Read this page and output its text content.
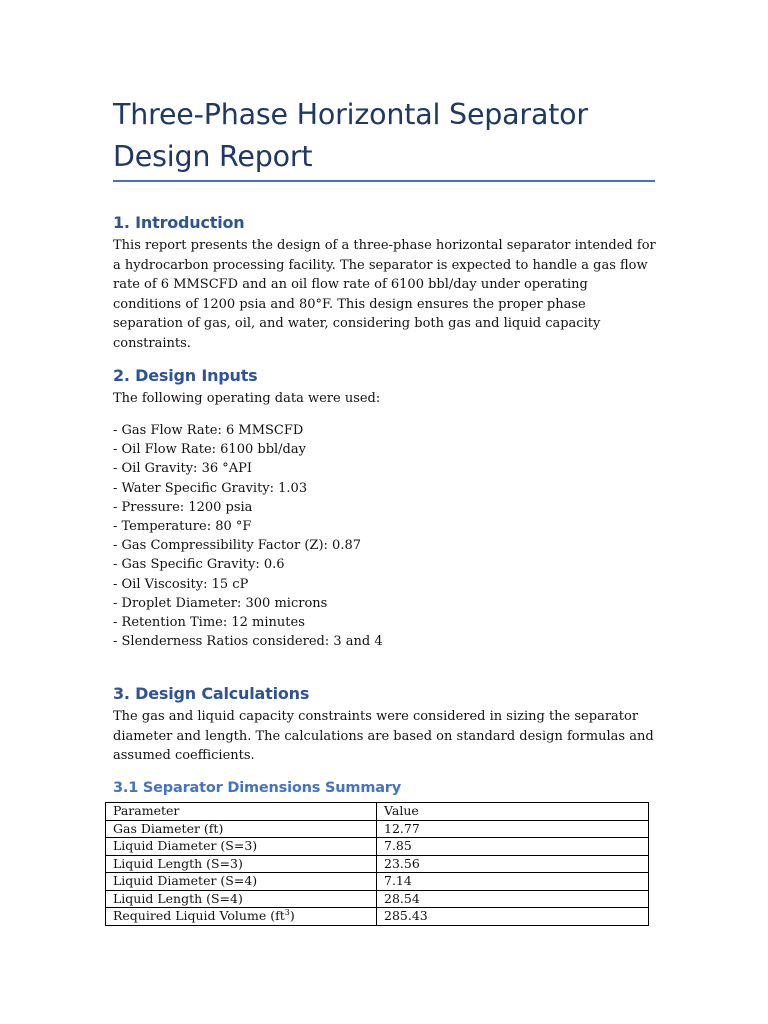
Three-Phase Horizontal Separator Design Report
1. Introduction

This report presents the design of a three-phase horizontal separator intended for a hydrocarbon processing facility. The separator is expected to handle a gas flow rate of 6 MMSCFD and an oil flow rate of 6100 bbl/day under operating conditions of 1200 psia and 80°F. This design ensures the proper phase separation of gas, oil, and water, considering both gas and liquid capacity constraints.

2. Design Inputs

The following operating data were used:

- Gas Flow Rate: 6 MMSCFD
- Oil Flow Rate: 6100 bbl/day
- Oil Gravity: 36 °API
- Water Specific Gravity: 1.03
- Pressure: 1200 psia
- Temperature: 80 °F
- Gas Compressibility Factor (Z): 0.87
- Gas Specific Gravity: 0.6
- Oil Viscosity: 15 cP
- Droplet Diameter: 300 microns
- Retention Time: 12 minutes
- Slenderness Ratios considered: 3 and 4
3. Design Calculations

The gas and liquid capacity constraints were considered in sizing the separator diameter and length. The calculations are based on standard design formulas and assumed coefficients.

3.1 Separator Dimensions Summary
Parameter	Value
Gas Diameter (ft)	12.77
Liquid Diameter (S=3)	7.85
Liquid Length (S=3)	23.56
Liquid Diameter (S=4)	7.14
Liquid Length (S=4)	28.54
Required Liquid Volume $(ft^3)$	285.43
